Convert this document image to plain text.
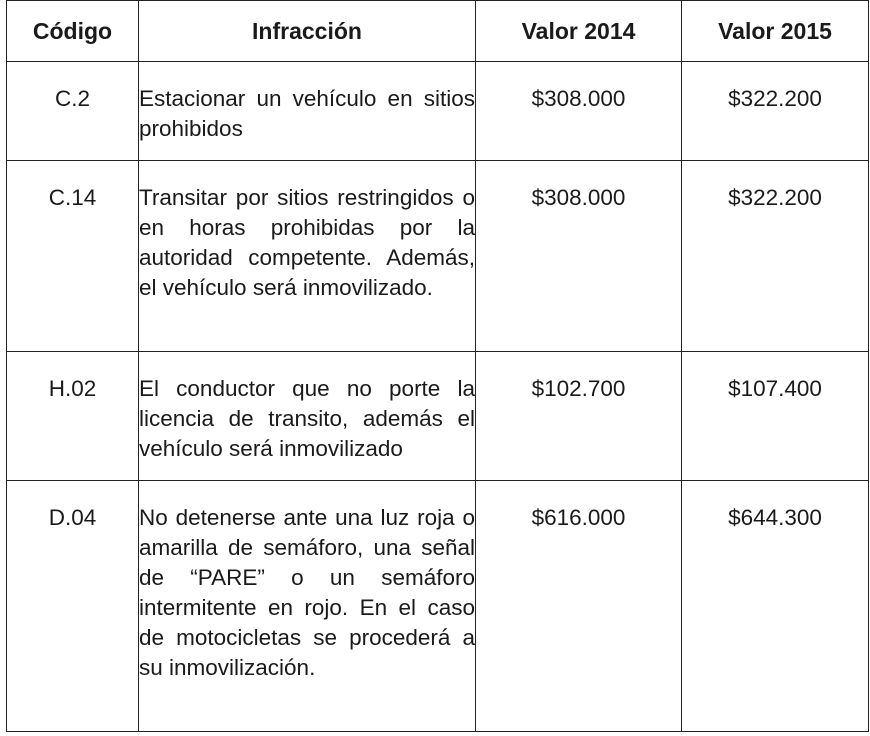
Código	Infracción	Valor 2014	Valor 2015
C.2	Estacionar un vehículo en sitios prohibidos	$308.000	$322.200
C.14	Transitar por sitios restringidos o en horas prohibidas por la autoridad competente. Además, el vehículo será inmovilizado.	$308.000	$322.200
H.02	El conductor que no porte la licencia de transito, además el vehículo será inmovilizado	$102.700	$107.400
D.04	No detenerse ante una luz roja o amarilla de semáforo, una señal de “PARE” o un semáforo intermitente en rojo. En el caso de motocicletas se procederá a su inmovilización.	$616.000	$644.300
